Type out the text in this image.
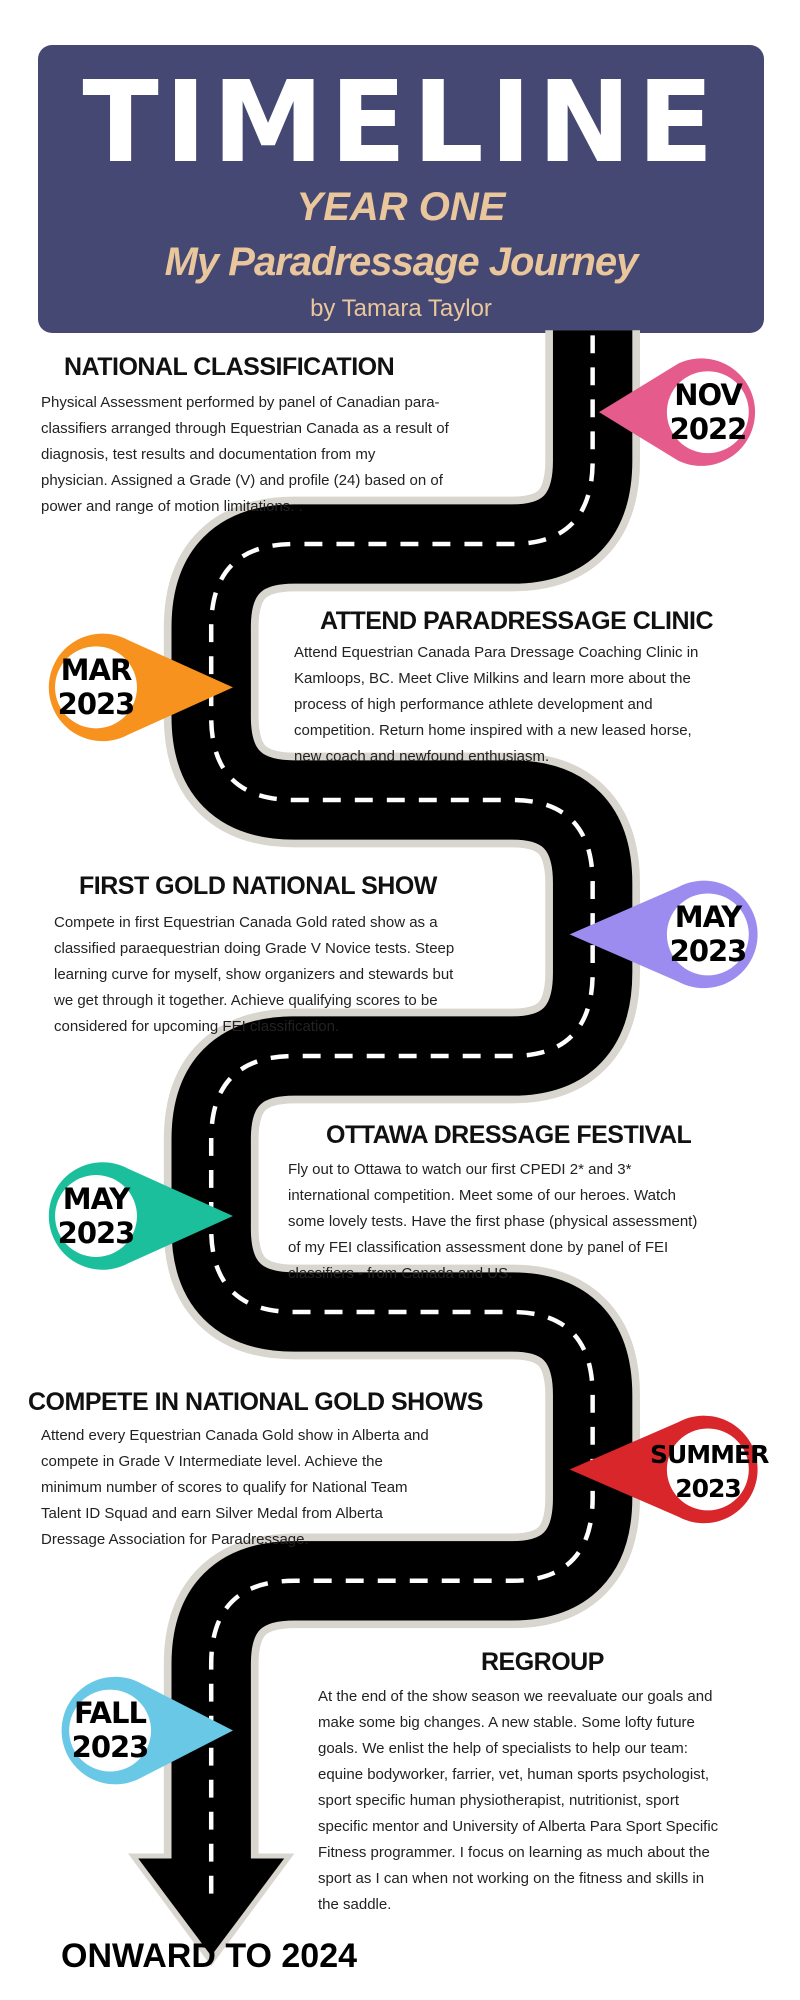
TIMELINE
YEAR ONE
My Paradressage Journey
by Tamara Taylor
NOV
2022
MAR
2023
MAY
2023
MAY
2023
SUMMER
2023
FALL
2023
NATIONAL CLASSIFICATION
Physical Assessment performed by panel of Canadian para-
classifiers arranged through Equestrian Canada as a result of
diagnosis, test results and documentation from my
physician. Assigned a Grade (V) and profile (24) based on of
power and range of motion limitations. .
ATTEND PARADRESSAGE CLINIC
Attend Equestrian Canada Para Dressage Coaching Clinic in
Kamloops, BC. Meet Clive Milkins and learn more about the
process of high performance athlete development and
competition. Return home inspired with a new leased horse,
new coach and newfound enthusiasm.
FIRST GOLD NATIONAL SHOW
Compete in first Equestrian Canada Gold rated show as a
classified paraequestrian doing Grade V Novice tests. Steep
learning curve for myself, show organizers and stewards but
we get through it together. Achieve qualifying scores to be
considered for upcoming FEI classification.
OTTAWA DRESSAGE FESTIVAL
Fly out to Ottawa to watch our first CPEDI 2* and 3*
international competition. Meet some of our heroes. Watch
some lovely tests. Have the first phase (physical assessment)
of my FEI classification assessment done by panel of FEI
classifiers - from Canada and US.
COMPETE IN NATIONAL GOLD SHOWS
Attend every Equestrian Canada Gold show in Alberta and
compete in Grade V Intermediate level. Achieve the
minimum number of scores to qualify for National Team
Talent ID Squad and earn Silver Medal from Alberta
Dressage Association for Paradressage.
REGROUP
At the end of the show season we reevaluate our goals and
make some big changes. A new stable. Some lofty future
goals. We enlist the help of specialists to help our team:
equine bodyworker, farrier, vet, human sports psychologist,
sport specific human physiotherapist, nutritionist, sport
specific mentor and University of Alberta Para Sport Specific
Fitness programmer. I focus on learning as much about the
sport as I can when not working on the fitness and skills in
the saddle.
ONWARD TO 2024
